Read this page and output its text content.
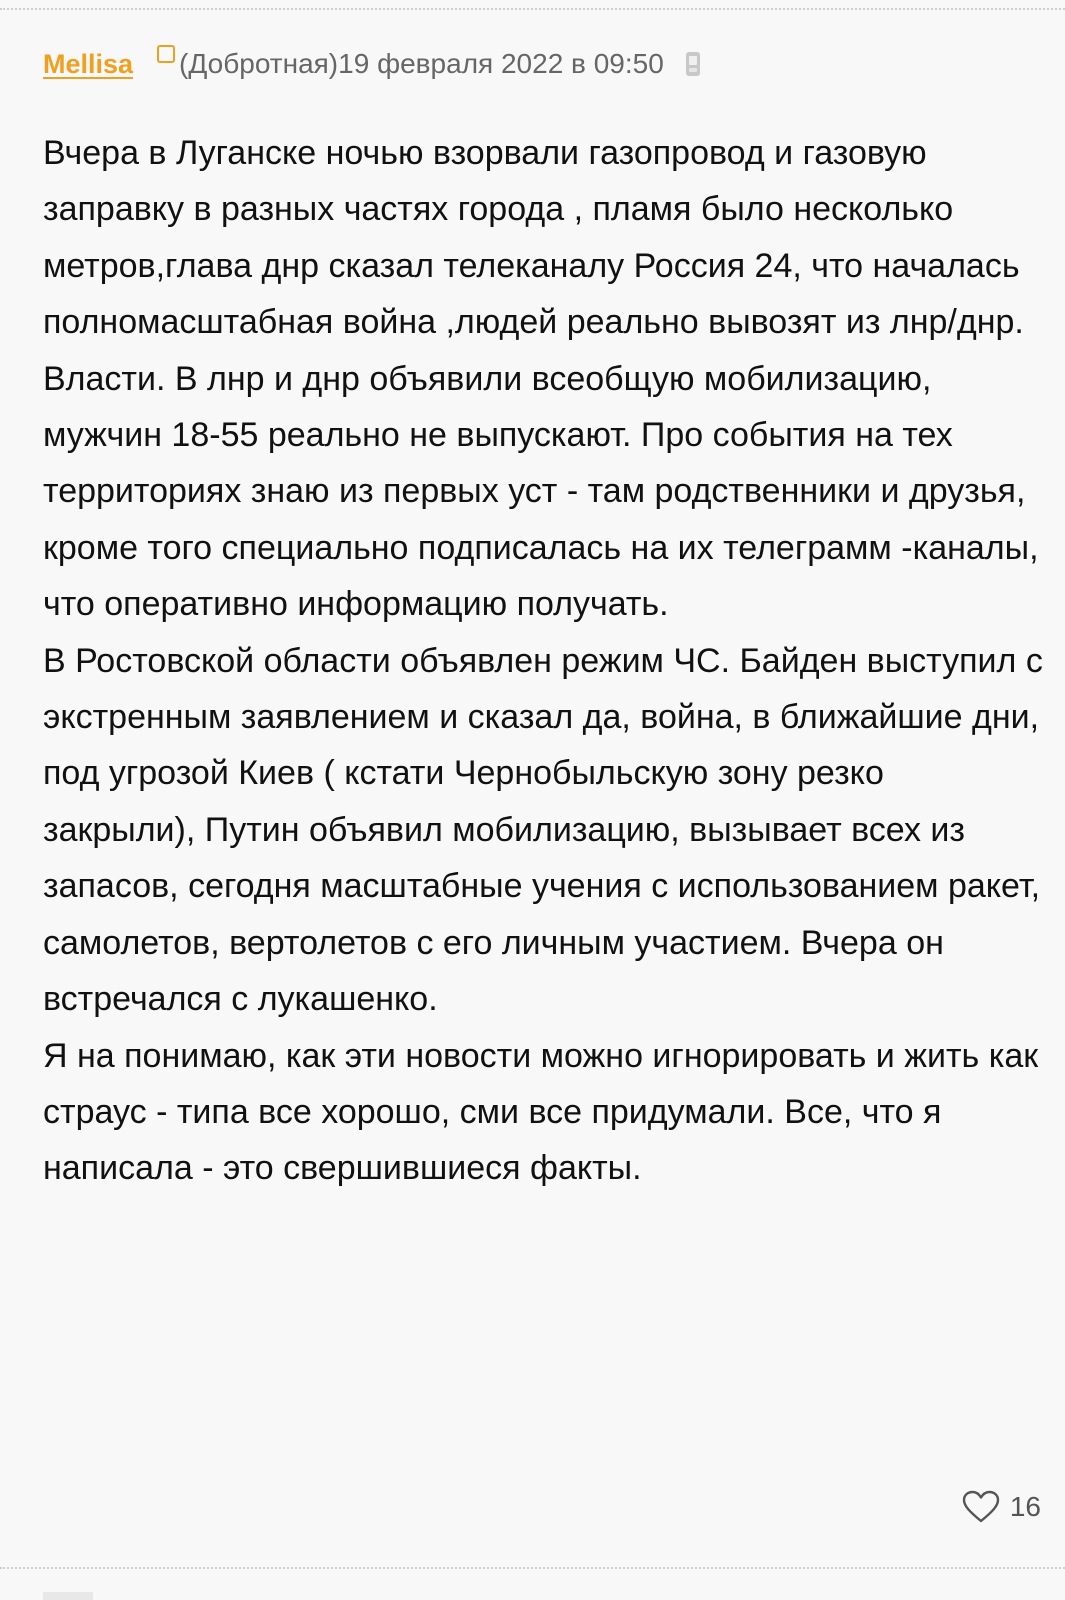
Mellisa (Добротная) 19 февраля 2022 в 09:50

Вчера в Луганске ночью взорвали газопровод и газовую заправку в разных частях города , пламя было несколько метров,глава днр сказал телеканалу Россия 24, что началась полномасштабная война ,людей реально вывозят из лнр/днр. Власти. В лнр и днр объявили всеобщую мобилизацию, мужчин 18-55 реально не выпускают. Про события на тех территориях знаю из первых уст - там родственники и друзья, кроме того специально подписалась на их телеграмм -каналы, что оперативно информацию получать.

В Ростовской области объявлен режим ЧС. Байден выступил с экстренным заявлением и сказал да, война, в ближайшие дни, под угрозой Киев ( кстати Чернобыльскую зону резко закрыли), Путин объявил мобилизацию, вызывает всех из запасов, сегодня масштабные учения с использованием ракет, самолетов, вертолетов с его личным участием. Вчера он встречался с лукашенко.

Я на понимаю, как эти новости можно игнорировать и жить как страус - типа все хорошо, сми все придумали. Все, что я написала - это свершившиеся факты.

16
